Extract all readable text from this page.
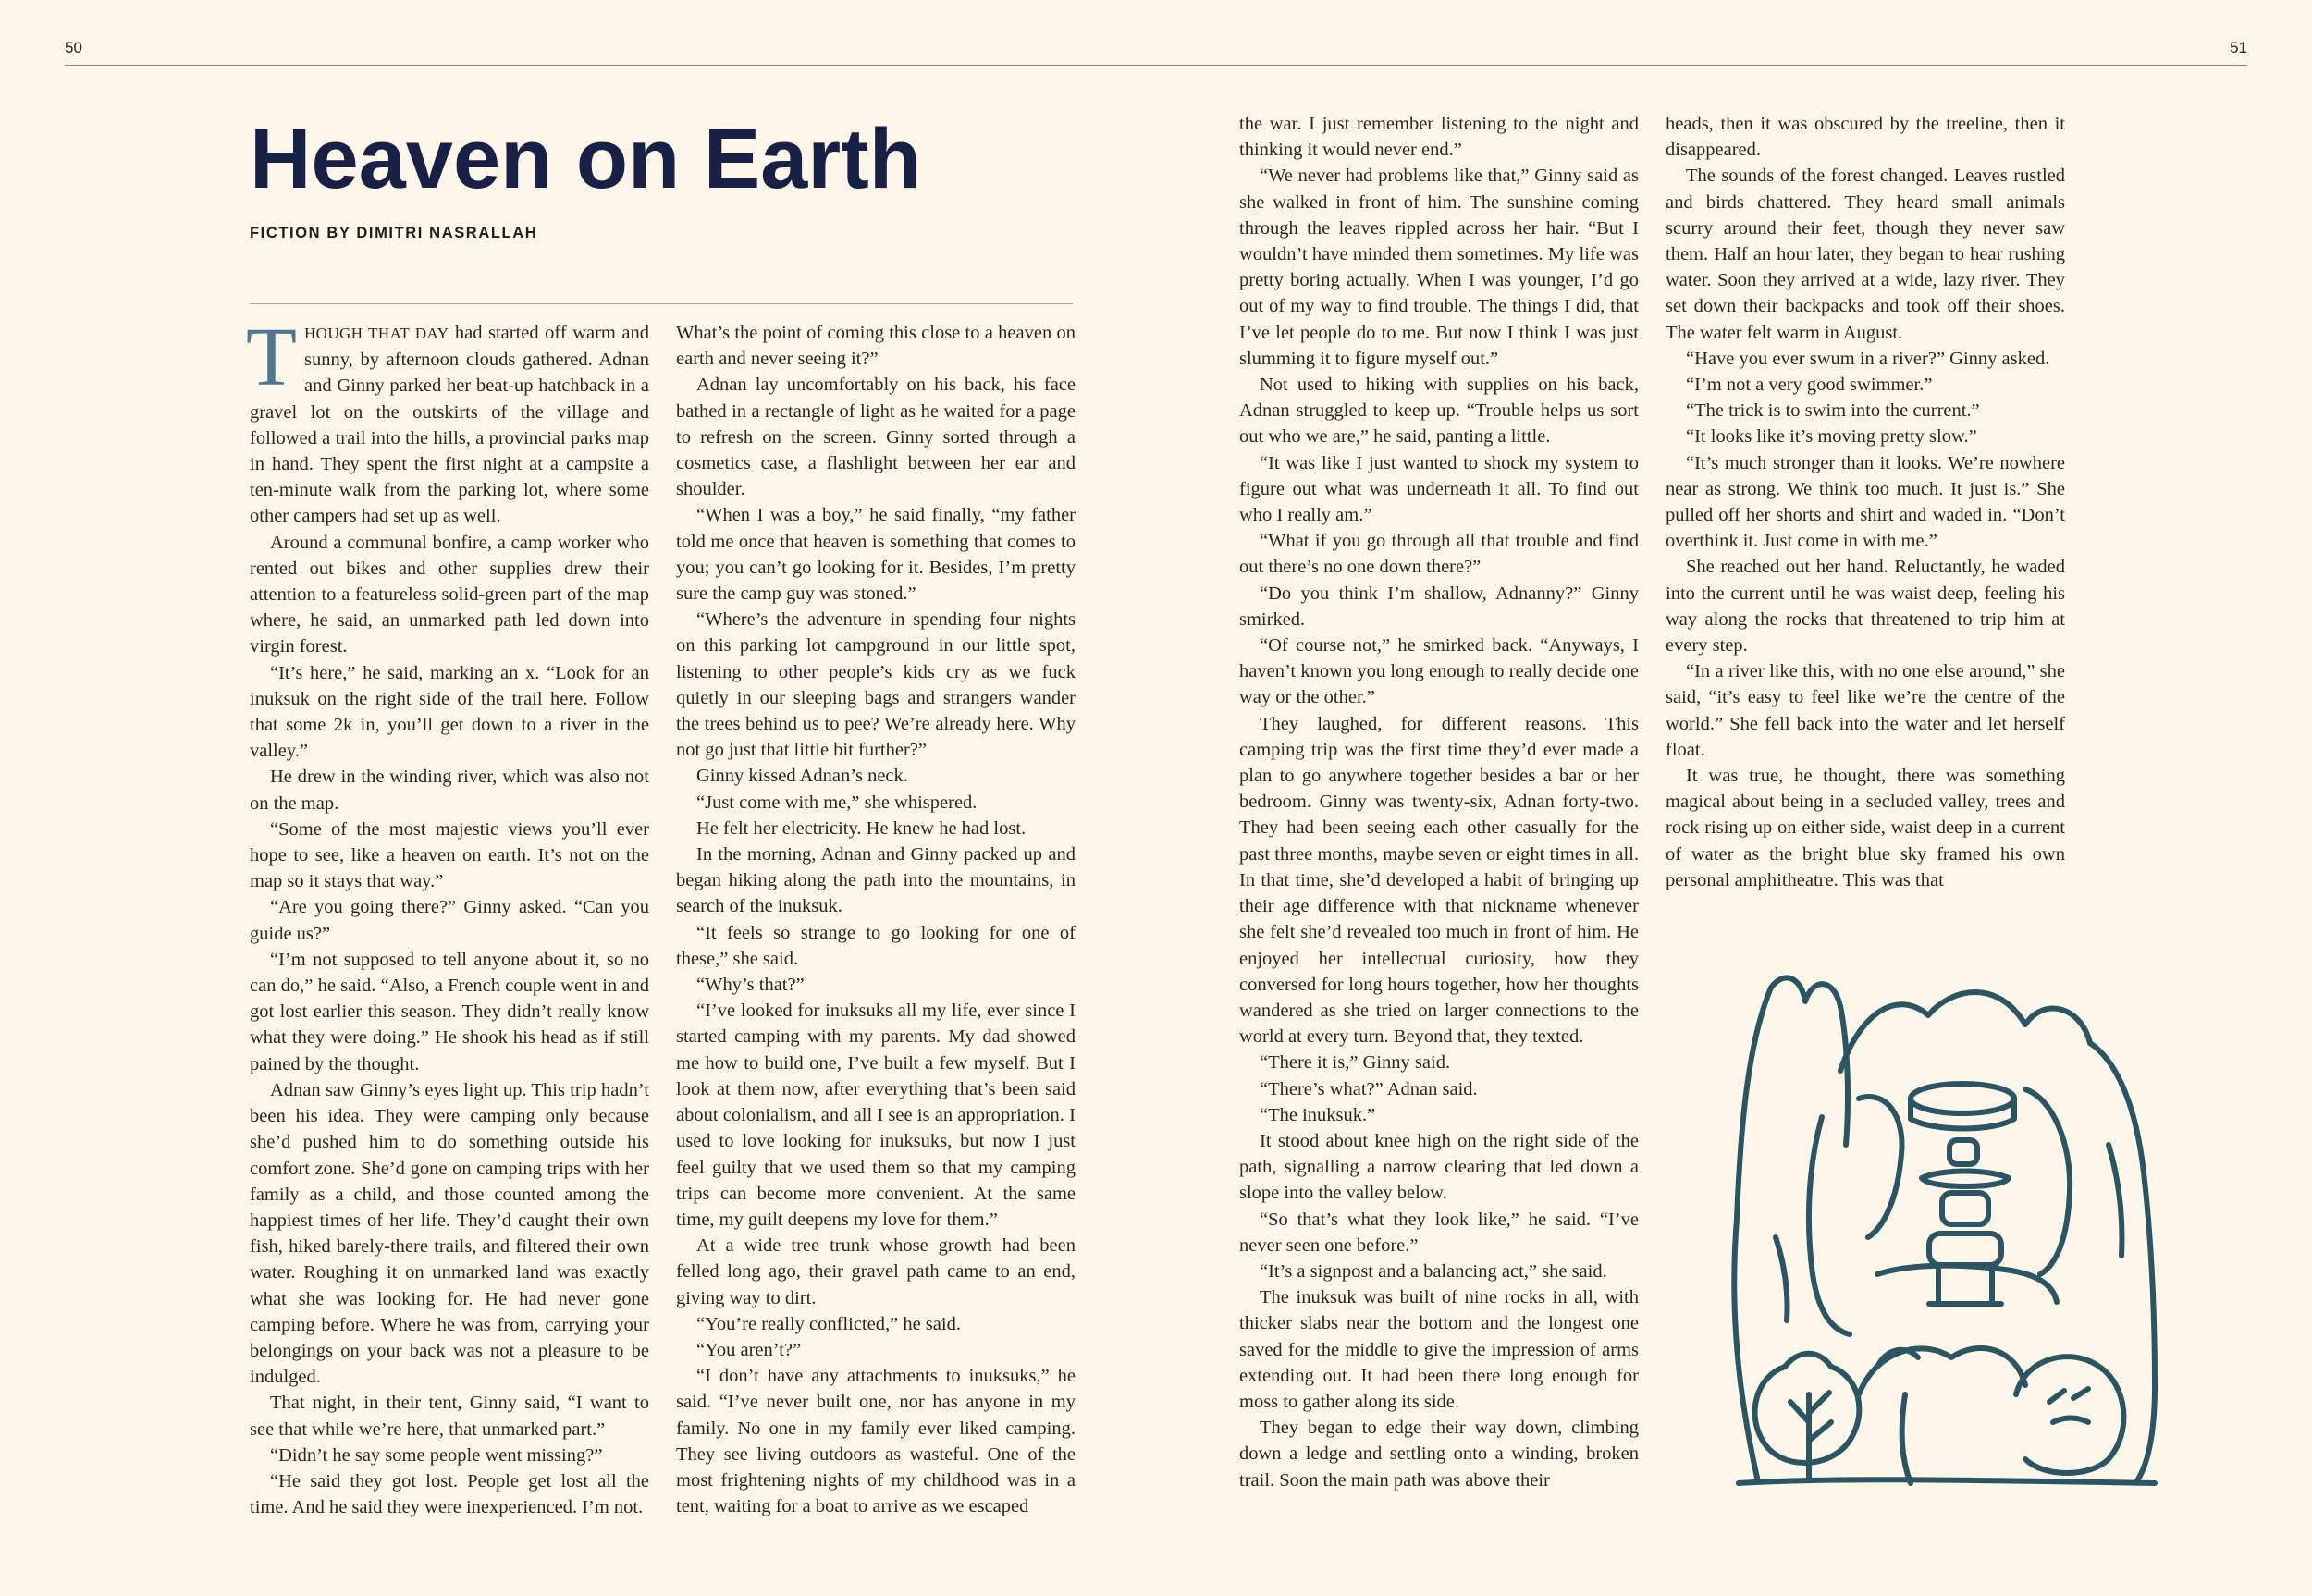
50	51
Heaven on Earth
FICTION BY DIMITRI NASRALLAH

THOUGH THAT DAY had started off warm and sunny, by afternoon clouds gathered. Adnan and Ginny parked her beat-up hatchback in a gravel lot on the outskirts of the village and followed a trail into the hills, a provincial parks map in hand. They spent the first night at a campsite a ten-minute walk from the parking lot, where some other campers had set up as well.

Around a communal bonfire, a camp worker who rented out bikes and other supplies drew their attention to a featureless solid-green part of the map where, he said, an unmarked path led down into virgin forest.

“It’s here,” he said, marking an x. “Look for an inuksuk on the right side of the trail here. Follow that some 2k in, you’ll get down to a river in the valley.”

He drew in the winding river, which was also not on the map.

“Some of the most majestic views you’ll ever hope to see, like a heaven on earth. It’s not on the map so it stays that way.”

“Are you going there?” Ginny asked. “Can you guide us?”

“I’m not supposed to tell anyone about it, so no can do,” he said. “Also, a French couple went in and got lost earlier this season. They didn’t really know what they were doing.” He shook his head as if still pained by the thought.

Adnan saw Ginny’s eyes light up. This trip hadn’t been his idea. They were camping only because she’d pushed him to do something outside his comfort zone. She’d gone on camping trips with her family as a child, and those counted among the happiest times of her life. They’d caught their own fish, hiked barely-there trails, and filtered their own water. Roughing it on unmarked land was exactly what she was looking for. He had never gone camping before. Where he was from, carrying your belongings on your back was not a pleasure to be indulged.

That night, in their tent, Ginny said, “I want to see that while we’re here, that unmarked part.”

“Didn’t he say some people went missing?”

“He said they got lost. People get lost all the time. And he said they were inexperienced. I’m not.

What’s the point of coming this close to a heaven on earth and never seeing it?”

Adnan lay uncomfortably on his back, his face bathed in a rectangle of light as he waited for a page to refresh on the screen. Ginny sorted through a cosmetics case, a flashlight between her ear and shoulder.

“When I was a boy,” he said finally, “my father told me once that heaven is something that comes to you; you can’t go looking for it. Besides, I’m pretty sure the camp guy was stoned.”

“Where’s the adventure in spending four nights on this parking lot campground in our little spot, listening to other people’s kids cry as we fuck quietly in our sleeping bags and strangers wander the trees behind us to pee? We’re already here. Why not go just that little bit further?”

Ginny kissed Adnan’s neck.

“Just come with me,” she whispered.

He felt her electricity. He knew he had lost.

In the morning, Adnan and Ginny packed up and began hiking along the path into the mountains, in search of the inuksuk.

“It feels so strange to go looking for one of these,” she said.

“Why’s that?”

“I’ve looked for inuksuks all my life, ever since I started camping with my parents. My dad showed me how to build one, I’ve built a few myself. But I look at them now, after everything that’s been said about colonialism, and all I see is an appropriation. I used to love looking for inuksuks, but now I just feel guilty that we used them so that my camping trips can become more convenient. At the same time, my guilt deepens my love for them.”

At a wide tree trunk whose growth had been felled long ago, their gravel path came to an end, giving way to dirt.

“You’re really conflicted,” he said.

“You aren’t?”

“I don’t have any attachments to inuksuks,” he said. “I’ve never built one, nor has anyone in my family. No one in my family ever liked camping. They see living outdoors as wasteful. One of the most frightening nights of my childhood was in a tent, waiting for a boat to arrive as we escaped

the war. I just remember listening to the night and thinking it would never end.”

“We never had problems like that,” Ginny said as she walked in front of him. The sunshine coming through the leaves rippled across her hair. “But I wouldn’t have minded them sometimes. My life was pretty boring actually. When I was younger, I’d go out of my way to find trouble. The things I did, that I’ve let people do to me. But now I think I was just slumming it to figure myself out.”

Not used to hiking with supplies on his back, Adnan struggled to keep up. “Trouble helps us sort out who we are,” he said, panting a little.

“It was like I just wanted to shock my system to figure out what was underneath it all. To find out who I really am.”

“What if you go through all that trouble and find out there’s no one down there?”

“Do you think I’m shallow, Adnanny?” Ginny smirked.

“Of course not,” he smirked back. “Anyways, I haven’t known you long enough to really decide one way or the other.”

They laughed, for different reasons. This camping trip was the first time they’d ever made a plan to go anywhere together besides a bar or her bedroom. Ginny was twenty-six, Adnan forty-two. They had been seeing each other casually for the past three months, maybe seven or eight times in all. In that time, she’d developed a habit of bringing up their age difference with that nickname whenever she felt she’d revealed too much in front of him. He enjoyed her intellectual curiosity, how they conversed for long hours together, how her thoughts wandered as she tried on larger connections to the world at every turn. Beyond that, they texted.

“There it is,” Ginny said.

“There’s what?” Adnan said.

“The inuksuk.”

It stood about knee high on the right side of the path, signalling a narrow clearing that led down a slope into the valley below.

“So that’s what they look like,” he said. “I’ve never seen one before.”

“It’s a signpost and a balancing act,” she said.

The inuksuk was built of nine rocks in all, with thicker slabs near the bottom and the longest one saved for the middle to give the impression of arms extending out. It had been there long enough for moss to gather along its side.

They began to edge their way down, climbing down a ledge and settling onto a winding, broken trail. Soon the main path was above their

heads, then it was obscured by the treeline, then it disappeared.

The sounds of the forest changed. Leaves rustled and birds chattered. They heard small animals scurry around their feet, though they never saw them. Half an hour later, they began to hear rushing water. Soon they arrived at a wide, lazy river. They set down their backpacks and took off their shoes. The water felt warm in August.

“Have you ever swum in a river?” Ginny asked.

“I’m not a very good swimmer.”

“The trick is to swim into the current.”

“It looks like it’s moving pretty slow.”

“It’s much stronger than it looks. We’re nowhere near as strong. We think too much. It just is.” She pulled off her shorts and shirt and waded in. “Don’t overthink it. Just come in with me.”

She reached out her hand. Reluctantly, he waded into the current until he was waist deep, feeling his way along the rocks that threatened to trip him at every step.

“In a river like this, with no one else around,” she said, “it’s easy to feel like we’re the centre of the world.” She fell back into the water and let herself float.

It was true, he thought, there was something magical about being in a secluded valley, trees and rock rising up on either side, waist deep in a current of water as the bright blue sky framed his own personal amphitheatre. This was that
